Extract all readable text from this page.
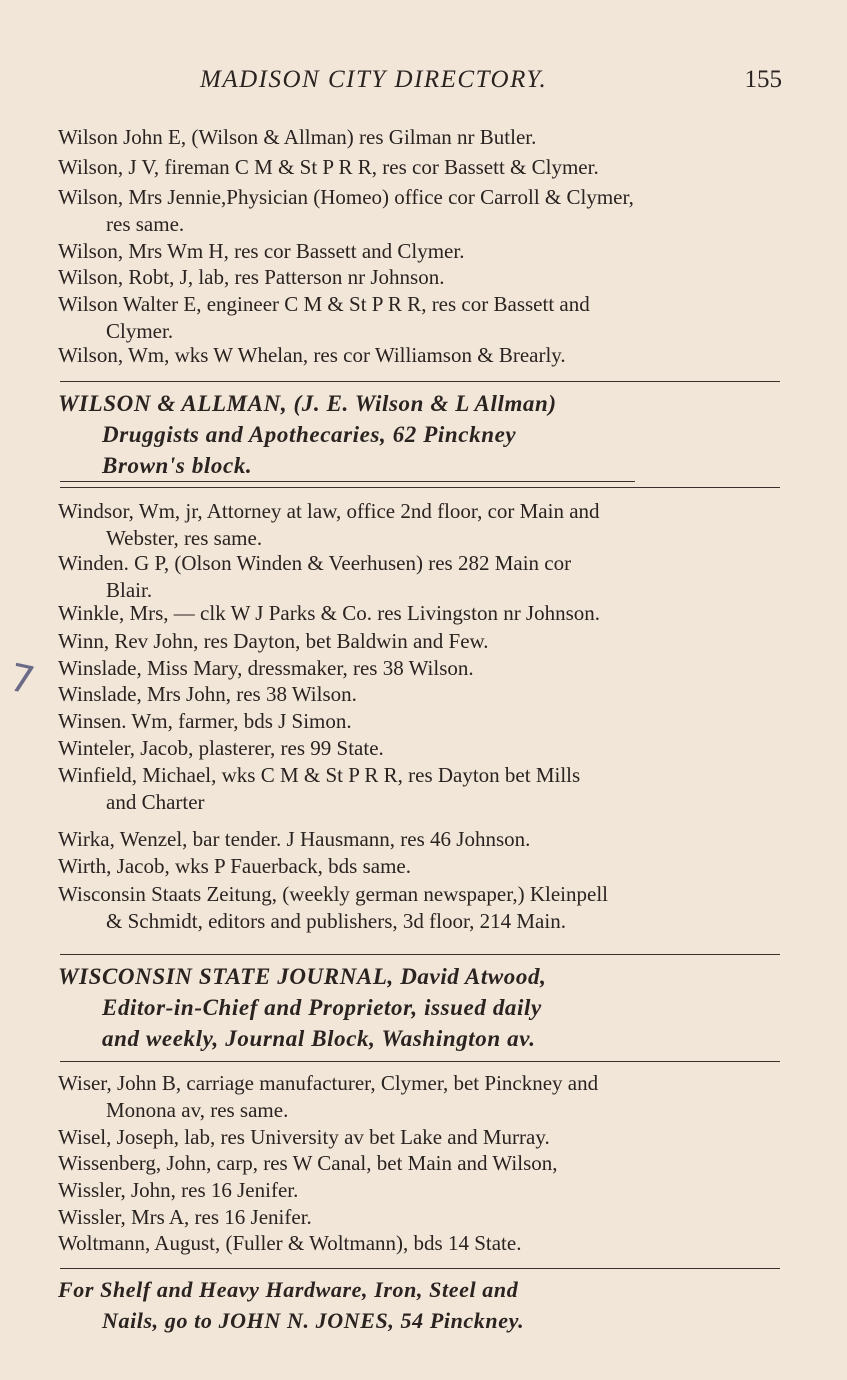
MADISON CITY DIRECTORY.	155
Wilson John E, (Wilson & Allman) res Gilman nr Butler.
Wilson, J V, fireman C M & St P R R, res cor Bassett & Clymer.
Wilson, Mrs Jennie,Physician (Homeo) office cor Carroll & Clymer,
res same.
Wilson, Mrs Wm H, res cor Bassett and Clymer.
Wilson, Robt, J, lab, res Patterson nr Johnson.
Wilson Walter E, engineer C M & St P R R, res cor Bassett and
Clymer.
Wilson, Wm, wks W Whelan, res cor Williamson & Brearly.
WILSON & ALLMAN, (J. E. Wilson & L Allman)
Druggists and Apothecaries, 62 Pinckney
Brown's block.
Windsor, Wm, jr, Attorney at law, office 2nd floor, cor Main and
Webster, res same.
Winden. G P, (Olson Winden & Veerhusen) res 282 Main cor
Blair.
Winkle, Mrs, — clk W J Parks & Co. res Livingston nr Johnson.
Winn, Rev John, res Dayton, bet Baldwin and Few.
Winslade, Miss Mary, dressmaker, res 38 Wilson.
Winslade, Mrs John, res 38 Wilson.
Winsen. Wm, farmer, bds J Simon.
Winteler, Jacob, plasterer, res 99 State.
Winfield, Michael, wks C M & St P R R, res Dayton bet Mills
and Charter
7
Wirka, Wenzel, bar tender. J Hausmann, res 46 Johnson.
Wirth, Jacob, wks P Fauerback, bds same.
Wisconsin Staats Zeitung, (weekly german newspaper,) Kleinpell
& Schmidt, editors and publishers, 3d floor, 214 Main.
WISCONSIN STATE JOURNAL, David Atwood,
Editor-in-Chief and Proprietor, issued daily
and weekly, Journal Block, Washington av.
Wiser, John B, carriage manufacturer, Clymer, bet Pinckney and
Monona av, res same.
Wisel, Joseph, lab, res University av bet Lake and Murray.
Wissenberg, John, carp, res W Canal, bet Main and Wilson,
Wissler, John, res 16 Jenifer.
Wissler, Mrs A, res 16 Jenifer.
Woltmann, August, (Fuller & Woltmann), bds 14 State.
For Shelf and Heavy Hardware, Iron, Steel and
Nails, go to JOHN N. JONES, 54 Pinckney.
